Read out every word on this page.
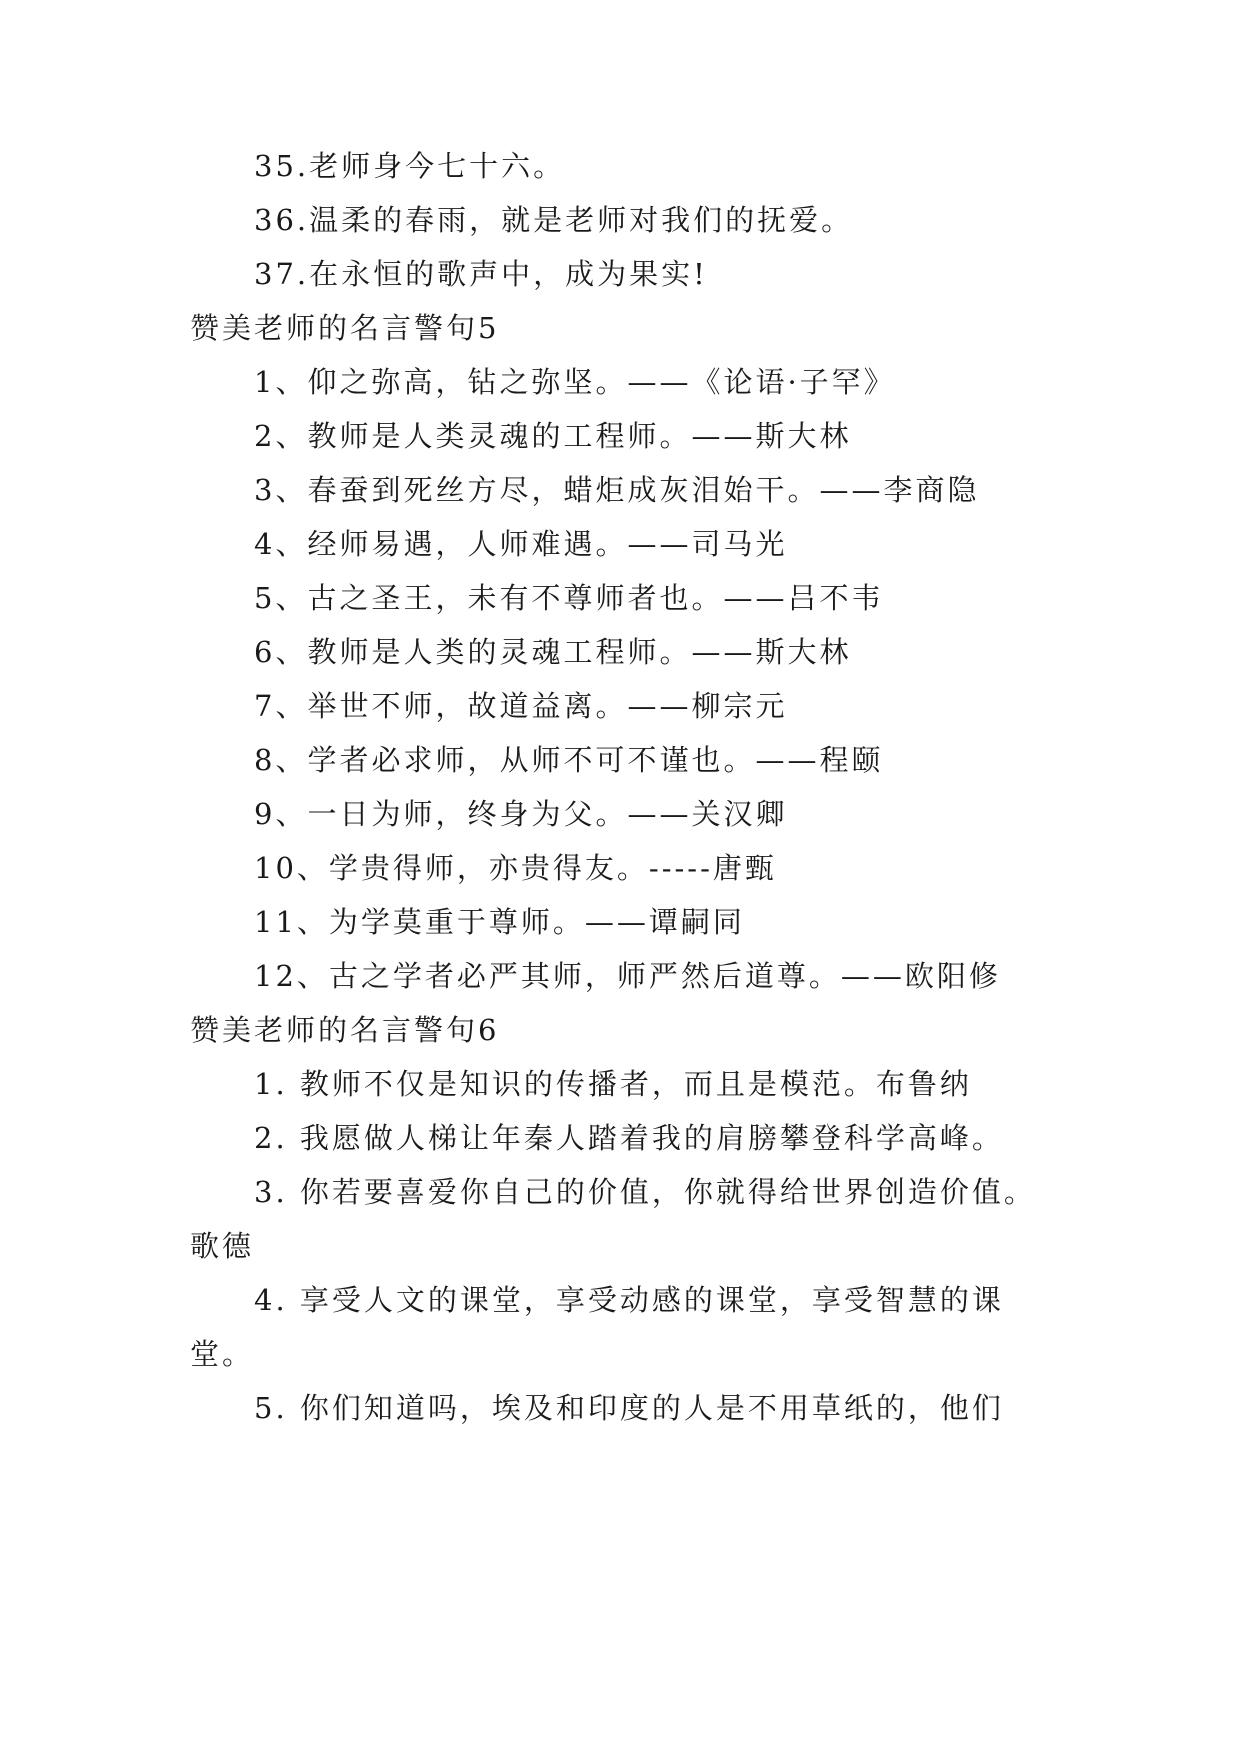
35.老师身今七十六。
36.温柔的春雨，就是老师对我们的抚爱。
37.在永恒的歌声中，成为果实!
赞美老师的名言警句5
1、仰之弥高，钻之弥坚。——《论语·子罕》
2、教师是人类灵魂的工程师。——斯大林
3、春蚕到死丝方尽，蜡炬成灰泪始干。——李商隐
4、经师易遇，人师难遇。——司马光
5、古之圣王，未有不尊师者也。——吕不韦
6、教师是人类的灵魂工程师。——斯大林
7、举世不师，故道益离。——柳宗元
8、学者必求师，从师不可不谨也。——程颐
9、一日为师，终身为父。——关汉卿
10、学贵得师，亦贵得友。-----唐甄
11、为学莫重于尊师。——谭嗣同
12、古之学者必严其师，师严然后道尊。——欧阳修
赞美老师的名言警句6
1. 教师不仅是知识的传播者，而且是模范。布鲁纳
2. 我愿做人梯让年秦人踏着我的肩膀攀登科学高峰。
3. 你若要喜爱你自己的价值，你就得给世界创造价值。
歌德
4. 享受人文的课堂，享受动感的课堂，享受智慧的课
堂。
5. 你们知道吗，埃及和印度的人是不用草纸的，他们
